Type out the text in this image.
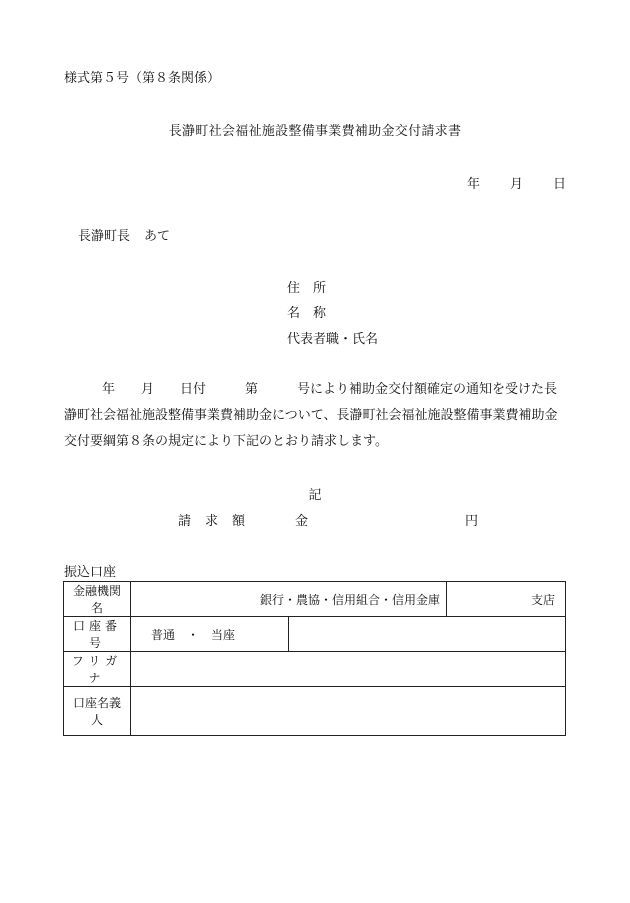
様式第５号（第８条関係）
長瀞町社会福祉施設整備事業費補助金交付請求書
年 月 日
長瀞町長 あて
住所
名称
代表者職・氏名
年　　月　　日付　　　第　　　号により補助金交付額確定の通知を受けた長
瀞町社会福祉施設整備事業費補助金について、長瀞町社会福祉施設整備事業費補助金
交付要綱第８条の規定により下記のとおり請求します。
記
請求額	金	円
振込口座
金融機関名	銀行・農協・信用組合・信用金庫		支店
口座番号	普通 ・ 当座		
フリガナ			
口座名義人			
